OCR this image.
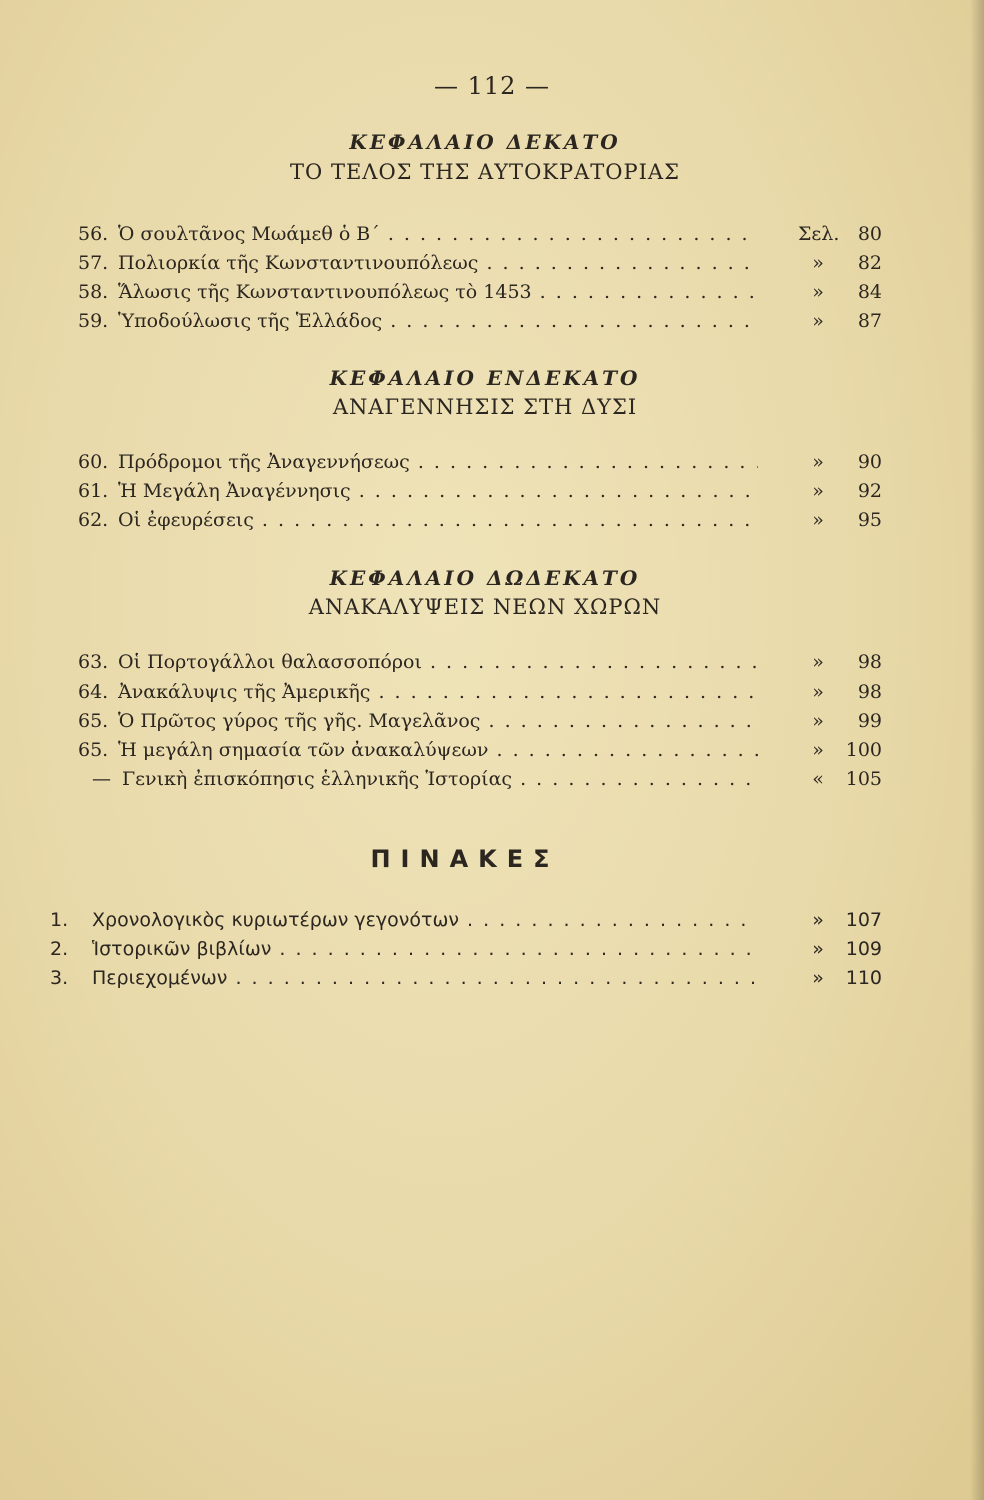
— 112 —
ΚΕΦΑΛΑΙΟ ΔΕΚΑΤΟ
ΤΟ ΤΕΛΟΣ ΤΗΣ ΑΥΤΟΚΡΑΤΟΡΙΑΣ
56. Ὁ σουλτᾶνος Μωάμεθ ὁ Β΄ . . .	Σελ. 80
57. Πολιορκία τῆς Κωνσταντινουπόλεως . . .	»	82
58. Ἅλωσις τῆς Κωνσταντινουπόλεως τὸ 1453 . . .	»	84
59. Ὑποδούλωσις τῆς Ἑλλάδος . . .	»	87
ΚΕΦΑΛΑΙΟ ΕΝΔΕΚΑΤΟ
ΑΝΑΓΕΝΝΗΣΙΣ ΣΤΗ ΔΥΣΙ
60. Πρόδρομοι τῆς Ἀναγεννήσεως . . .	»	90
61. Ἡ Μεγάλη Ἀναγέννησις . . .	»	92
62. Οἱ ἐφευρέσεις . . .	»	95
ΚΕΦΑΛΑΙΟ ΔΩΔΕΚΑΤΟ
ΑΝΑΚΑΛΥΨΕΙΣ ΝΕΩΝ ΧΩΡΩΝ
63. Οἱ Πορτογάλλοι θαλασσοπόροι . . .	»	98
64. Ἀνακάλυψις τῆς Ἀμερικῆς . . .	»	98
65. Ὁ Πρῶτος γύρος τῆς γῆς. Μαγελᾶνος . . .	»	99
65. Ἡ μεγάλη σημασία τῶν ἀνακαλύψεων . . .	»	100
— Γενικὴ ἐπισκόπησις ἑλληνικῆς Ἱστορίας . . .	«	105
ΠΙΝΑΚΕΣ
1. Χρονολογικὸς κυριωτέρων γεγονότων . . .	»	107
2. Ἱστορικῶν βιβλίων . . .	»	109
3. Περιεχομένων . . .	»	110
